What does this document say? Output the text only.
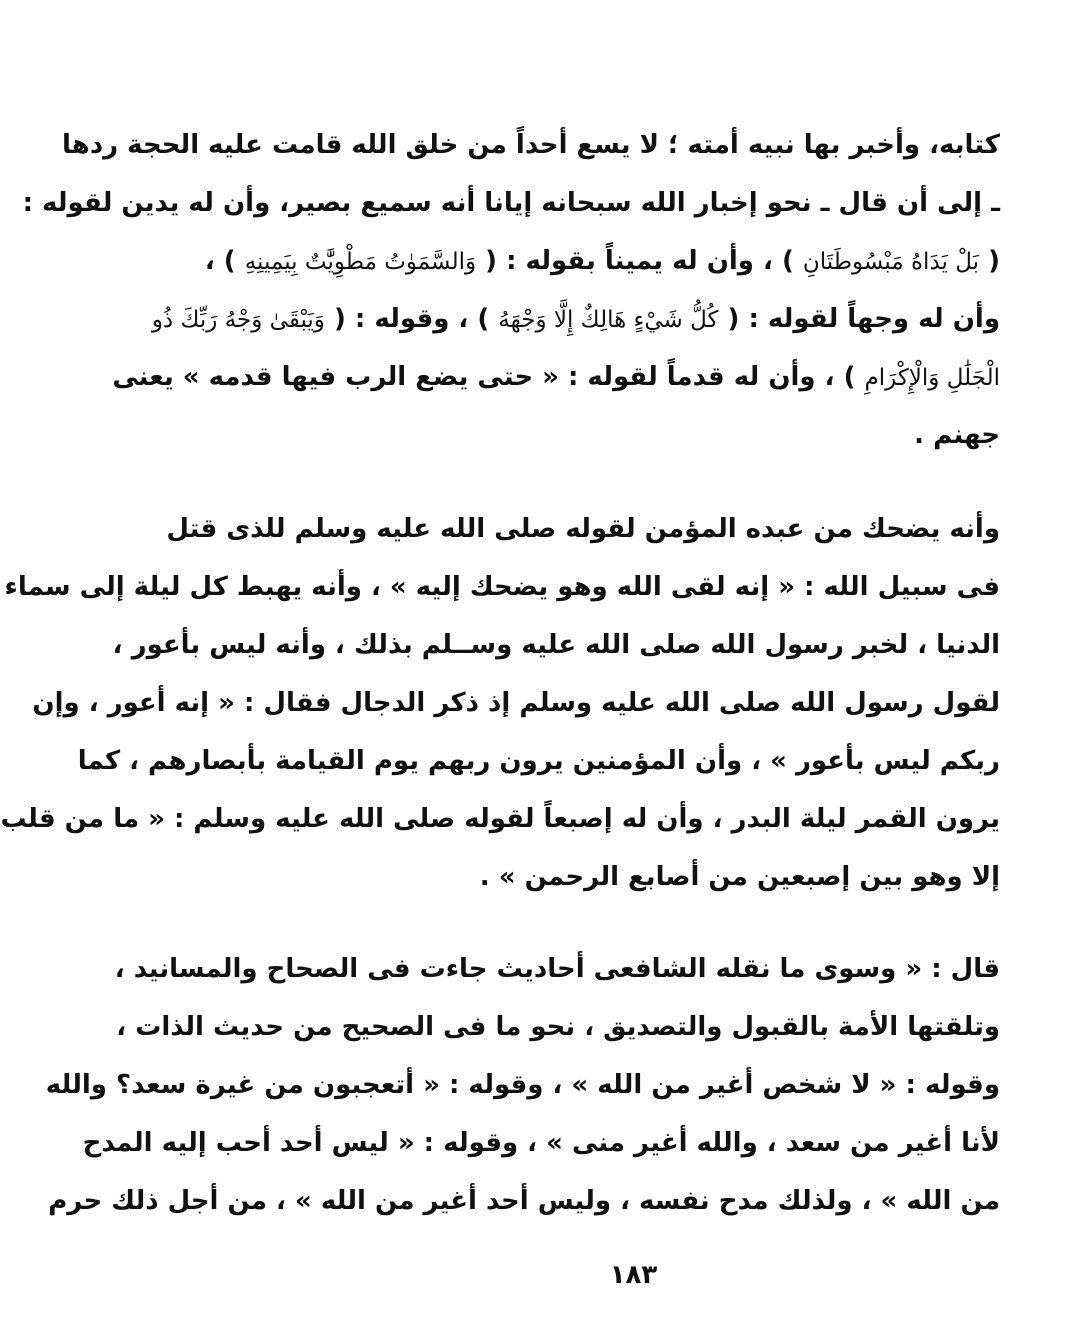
كتابه، وأخبر بها نبيه أمته ؛ لا يسع أحداً من خلق الله قامت عليه الحجة ردها
ـ إلى أن قال ـ نحو إخبار الله سبحانه إيانا أنه سميع بصير، وأن له يدين لقوله :
( بَلْ يَدَاهُ مَبْسُوطَتَانِ ) ، وأن له يميناً بقوله : ( وَالسَّمَوٰتُ مَطْوِيَّٰتٌ بِيَمِينِهِ ) ،
وأن له وجهاً لقوله : ( كُلُّ شَيْءٍ هَالِكٌ إِلَّا وَجْهَهُ ) ، وقوله : ( وَيَبْقَىٰ وَجْهُ رَبِّكَ ذُو
الْجَلَٰلِ وَالْإِكْرَامِ ) ، وأن له قدماً لقوله : « حتى يضع الرب فيها قدمه » يعنى
جهنم .
وأنه يضحك من عبده المؤمن لقوله صلى الله عليه وسلم للذى قتل
فى سبيل الله : « إنه لقى الله وهو يضحك إليه » ، وأنه يهبط كل ليلة إلى سماء
الدنيا ، لخبر رسول الله صلى الله عليه وســلم بذلك ، وأنه ليس بأعور ،
لقول رسول الله صلى الله عليه وسلم إذ ذكر الدجال فقال : « إنه أعور ، وإن
ربكم ليس بأعور » ، وأن المؤمنين يرون ربهم يوم القيامة بأبصارهم ، كما
يرون القمر ليلة البدر ، وأن له إصبعاً لقوله صلى الله عليه وسلم : « ما من قلب
إلا وهو بين إصبعين من أصابع الرحمن » .
قال : « وسوى ما نقله الشافعى أحاديث جاءت فى الصحاح والمسانيد ،
وتلقتها الأمة بالقبول والتصديق ، نحو ما فى الصحيح من حديث الذات ،
وقوله : « لا شخص أغير من الله » ، وقوله : « أتعجبون من غيرة سعد؟ والله
لأنا أغير من سعد ، والله أغير منى » ، وقوله : « ليس أحد أحب إليه المدح
من الله » ، ولذلك مدح نفسه ، وليس أحد أغير من الله » ، من أجل ذلك حرم
١٨٣
